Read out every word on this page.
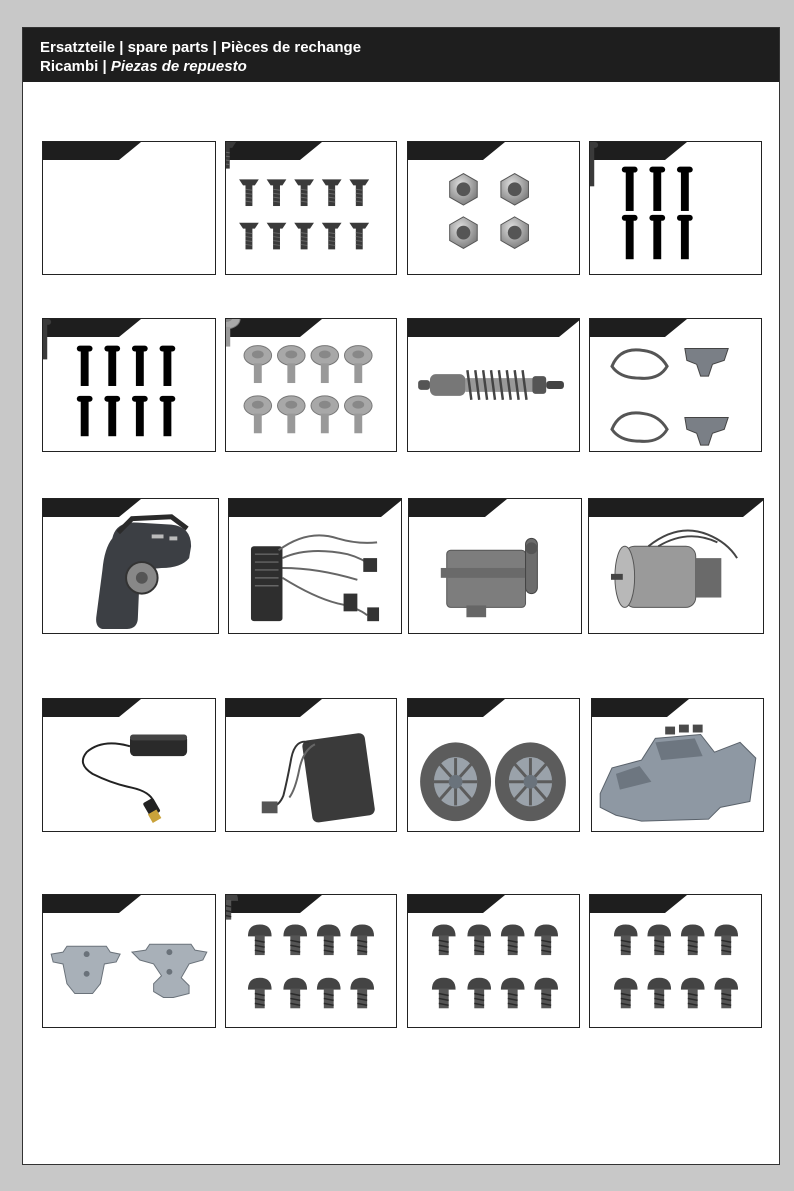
Ersatzteile | spare parts | Pièces de rechange
Ricambi | Piezas de repuesto
